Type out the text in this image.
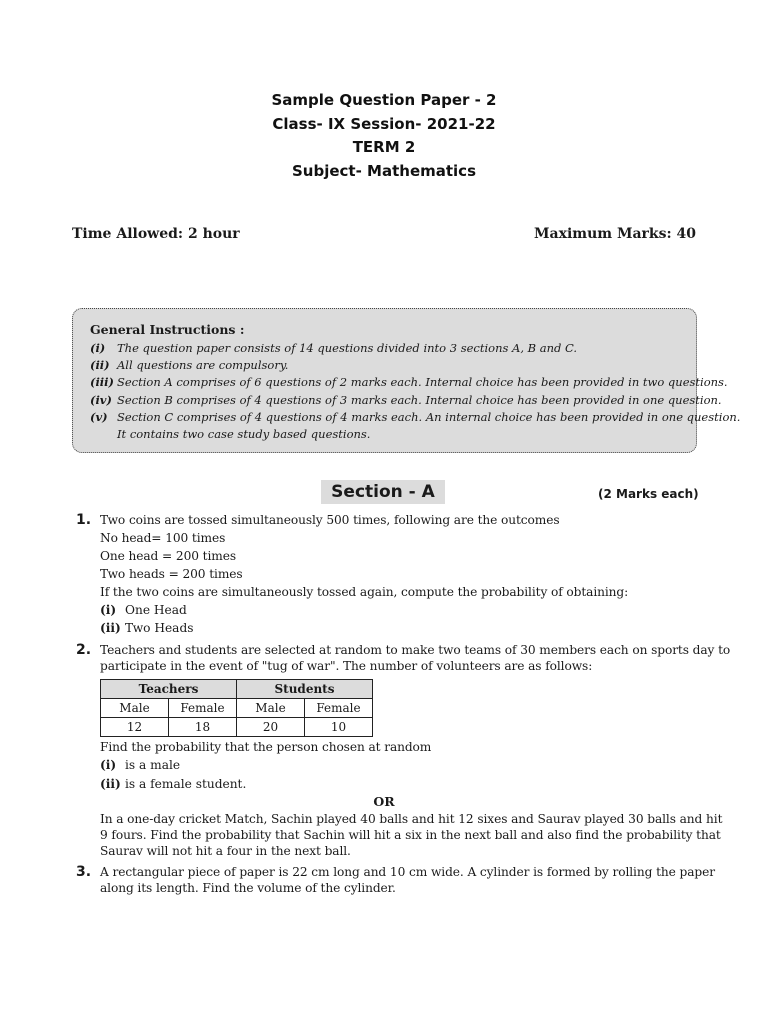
Sample Question Paper - 2
Class- IX Session- 2021-22
TERM 2
Subject- Mathematics
Time Allowed: 2 hour	Maximum Marks: 40
General Instructions :
(i) The question paper consists of 14 questions divided into 3 sections A, B and C.
(ii) All questions are compulsory.
(iii) Section A comprises of 6 questions of 2 marks each. Internal choice has been provided in two questions.
(iv) Section B comprises of 4 questions of 3 marks each. Internal choice has been provided in one question.
(v) Section C comprises of 4 questions of 4 marks each. An internal choice has been provided in one question.
It contains two case study based questions.
Section - A	(2 Marks each)
1. Two coins are tossed simultaneously 500 times, following are the outcomes
No head= 100 times
One head = 200 times
Two heads = 200 times
If the two coins are simultaneously tossed again, compute the probability of obtaining:
(i) One Head
(ii) Two Heads
2. Teachers and students are selected at random to make two teams of 30 members each on sports day to
participate in the event of "tug of war". The number of volunteers are as follows:
Teachers		Students	
Male	Female	Male	Female
12	18	20	10
Find the probability that the person chosen at random
(i) is a male
(ii) is a female student.
OR
In a one-day cricket Match, Sachin played 40 balls and hit 12 sixes and Saurav played 30 balls and hit
9 fours. Find the probability that Sachin will hit a six in the next ball and also find the probability that
Saurav will not hit a four in the next ball.
3. A rectangular piece of paper is 22 cm long and 10 cm wide. A cylinder is formed by rolling the paper
along its length. Find the volume of the cylinder.
